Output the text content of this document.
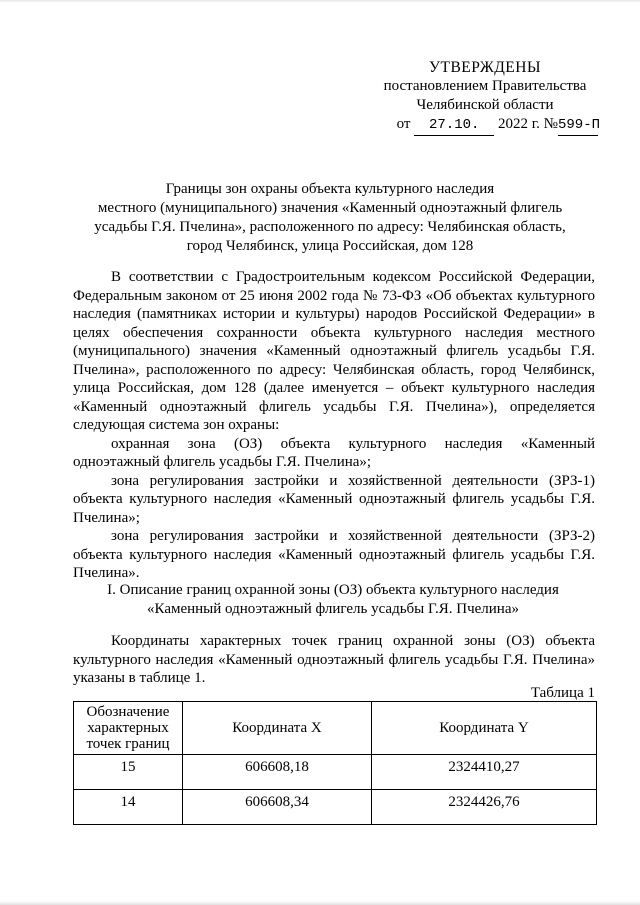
УТВЕРЖДЕНЫ
постановлением Правительства
Челябинской области
от 27.10. 2022 г. №599-П
Границы зон охраны объекта культурного наследия
местного (муниципального) значения «Каменный одноэтажный флигель
усадьбы Г.Я. Пчелина», расположенного по адресу: Челябинская область,
город Челябинск, улица Российская, дом 128

В соответствии с Градостроительным кодексом Российской Федерации, Федеральным законом от 25 июня 2002 года № 73-ФЗ «Об объектах культурного наследия (памятниках истории и культуры) народов Российской Федерации» в целях обеспечения сохранности объекта культурного наследия местного (муниципального) значения «Каменный одноэтажный флигель усадьбы Г.Я. Пчелина», расположенного по адресу: Челябинская область, город Челябинск, улица Российская, дом 128 (далее именуется – объект культурного наследия «Каменный одноэтажный флигель усадьбы Г.Я. Пчелина»), определяется следующая система зон охраны:

охранная зона (ОЗ) объекта культурного наследия «Каменный одноэтажный флигель усадьбы Г.Я. Пчелина»;

зона регулирования застройки и хозяйственной деятельности (ЗРЗ-1) объекта культурного наследия «Каменный одноэтажный флигель усадьбы Г.Я. Пчелина»;

зона регулирования застройки и хозяйственной деятельности (ЗРЗ-2) объекта культурного наследия «Каменный одноэтажный флигель усадьбы Г.Я. Пчелина».

I. Описание границ охранной зоны (ОЗ) объекта культурного наследия
«Каменный одноэтажный флигель усадьбы Г.Я. Пчелина»
Координаты характерных точек границ охранной зоны (ОЗ) объекта культурного наследия «Каменный одноэтажный флигель усадьбы Г.Я. Пчелина» указаны в таблице 1.
Таблица 1
Обозначение характерных точек границ	Координата X	Координата Y
15	606608,18	2324410,27
14	606608,34	2324426,76
